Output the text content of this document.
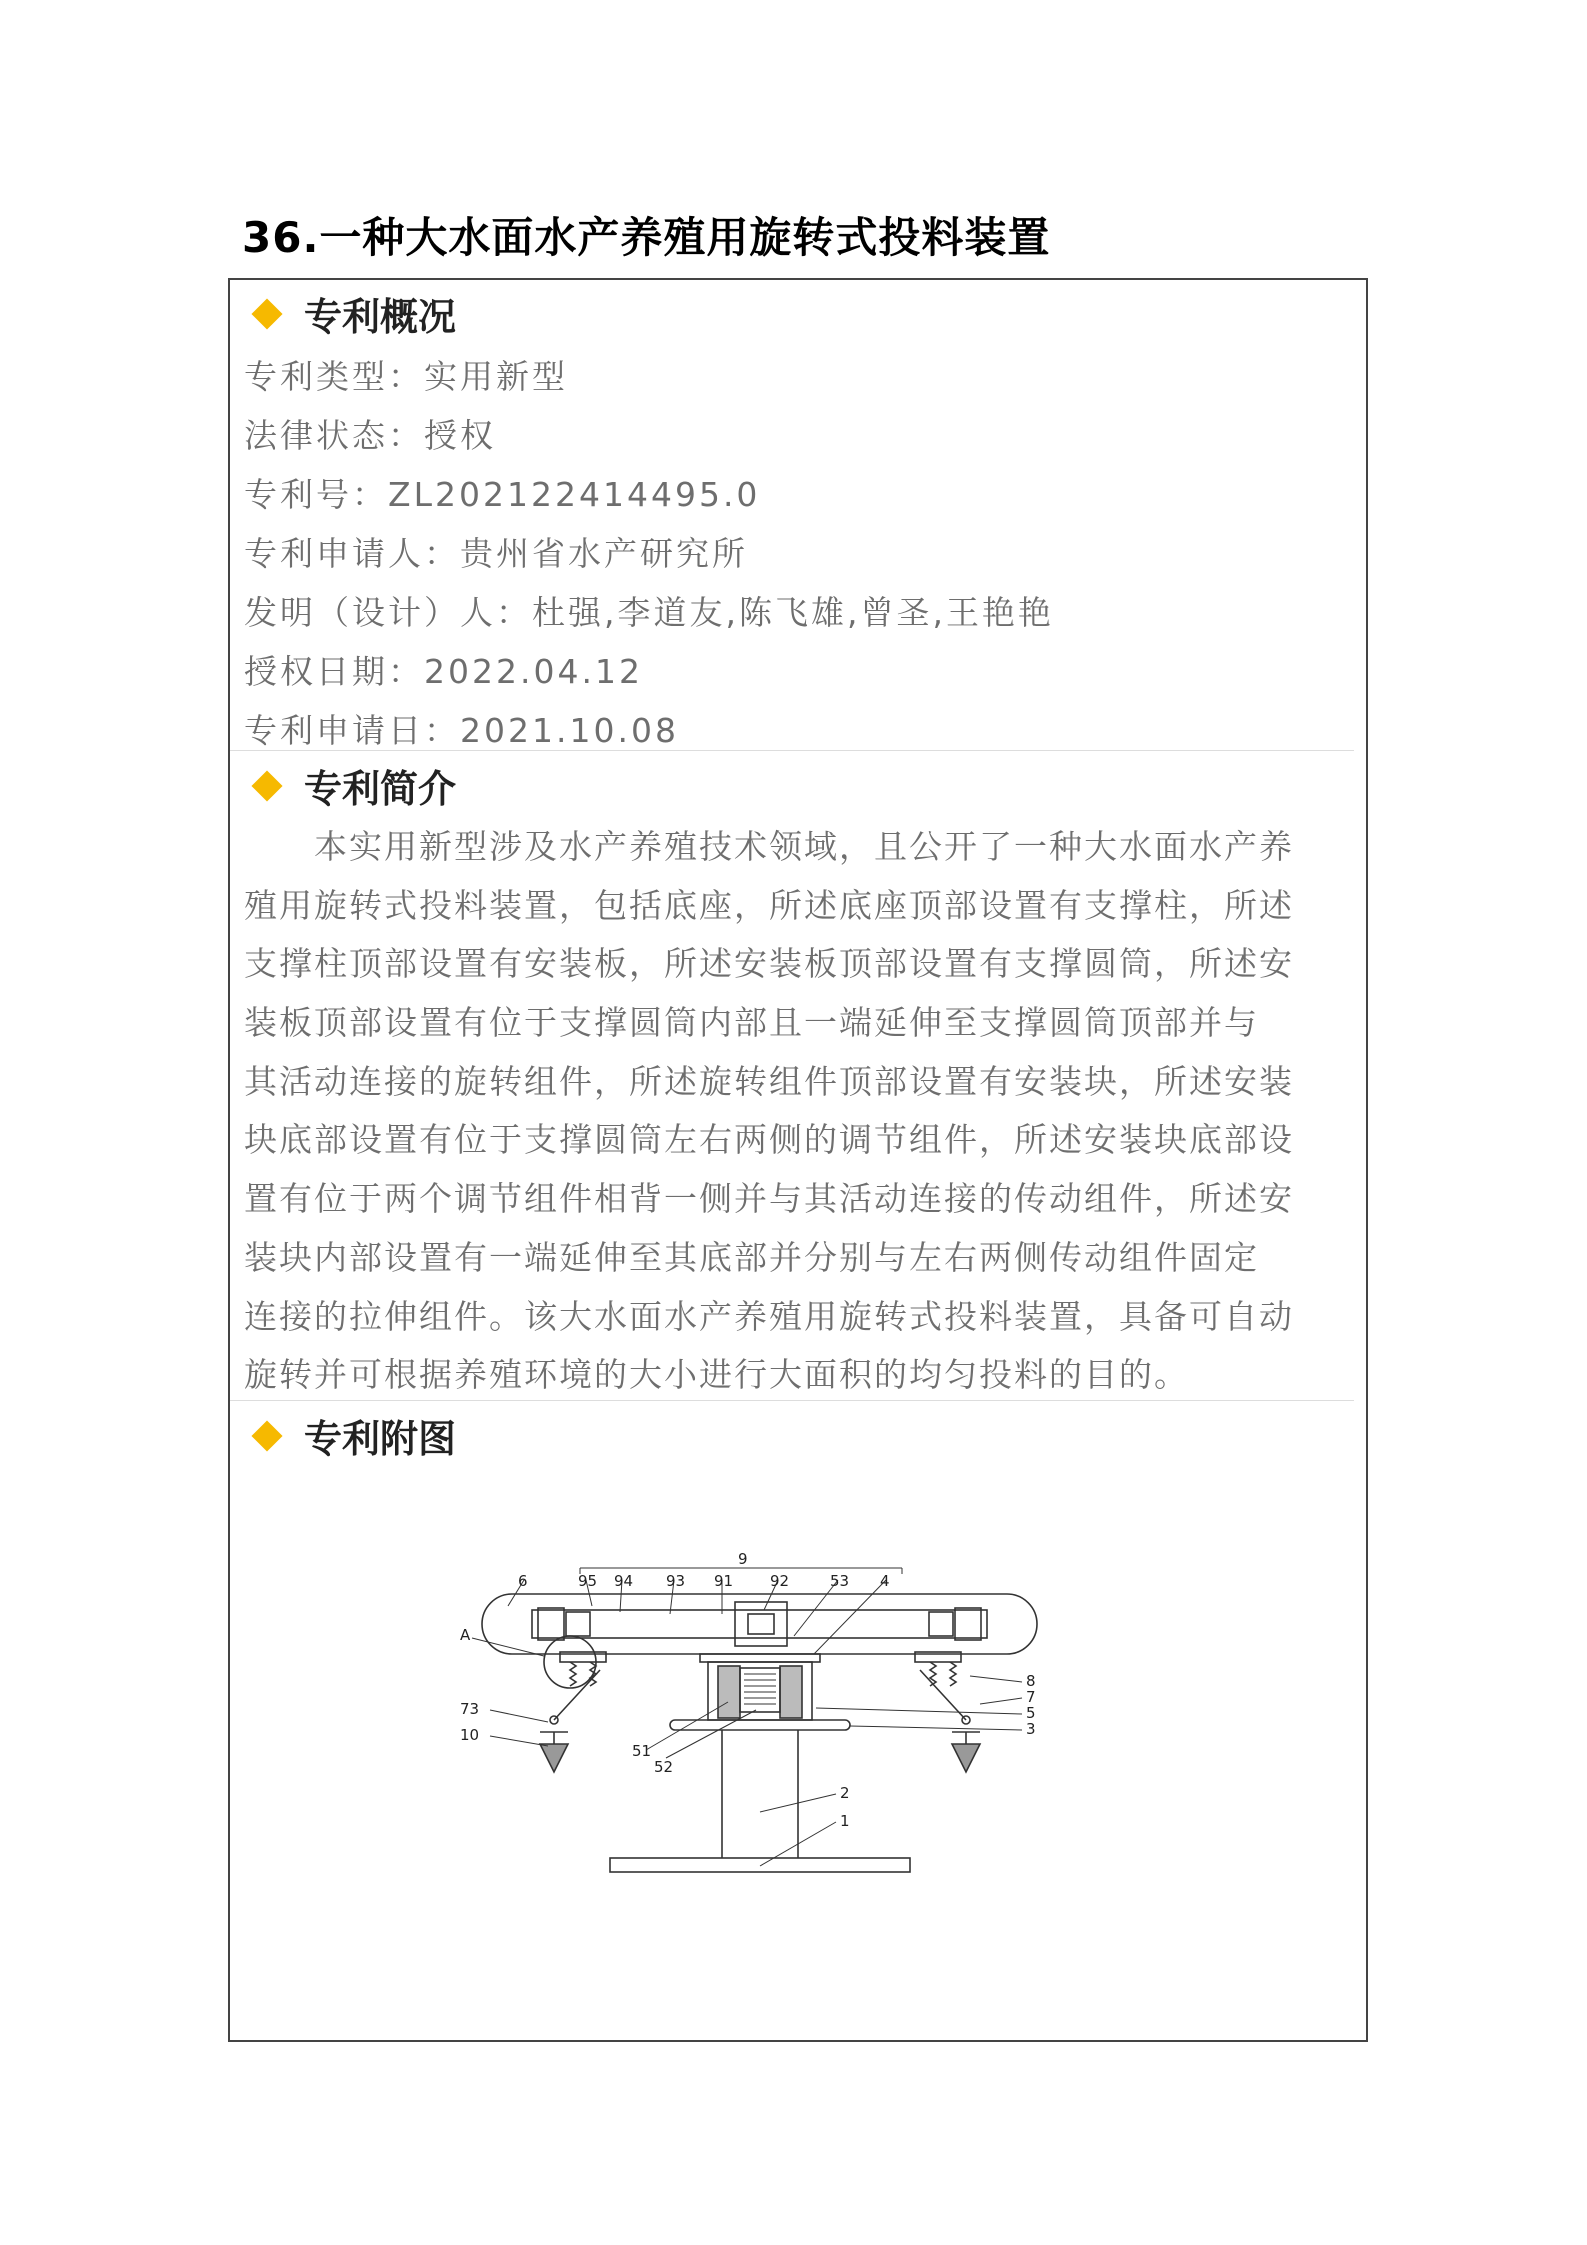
36.一种大水面水产养殖用旋转式投料装置
专利概况
专利类型：实用新型
法律状态：授权
专利号：ZL202122414495.0
专利申请人：贵州省水产研究所
发明（设计）人：杜强,李道友,陈飞雄,曾圣,王艳艳
授权日期：2022.04.12
专利申请日：2021.10.08
专利简介
　　本实用新型涉及水产养殖技术领域，且公开了一种大水面水产养
殖用旋转式投料装置，包括底座，所述底座顶部设置有支撑柱，所述
支撑柱顶部设置有安装板，所述安装板顶部设置有支撑圆筒，所述安
装板顶部设置有位于支撑圆筒内部且一端延伸至支撑圆筒顶部并与
其活动连接的旋转组件，所述旋转组件顶部设置有安装块，所述安装
块底部设置有位于支撑圆筒左右两侧的调节组件，所述安装块底部设
置有位于两个调节组件相背一侧并与其活动连接的传动组件，所述安
装块内部设置有一端延伸至其底部并分别与左右两侧传动组件固定
连接的拉伸组件。该大水面水产养殖用旋转式投料装置，具备可自动
旋转并可根据养殖环境的大小进行大面积的均匀投料的目的。
专利附图
9
6	95 94 93 91 92	53 4
A
8
7
5
3
73
10
51
52
2
1
